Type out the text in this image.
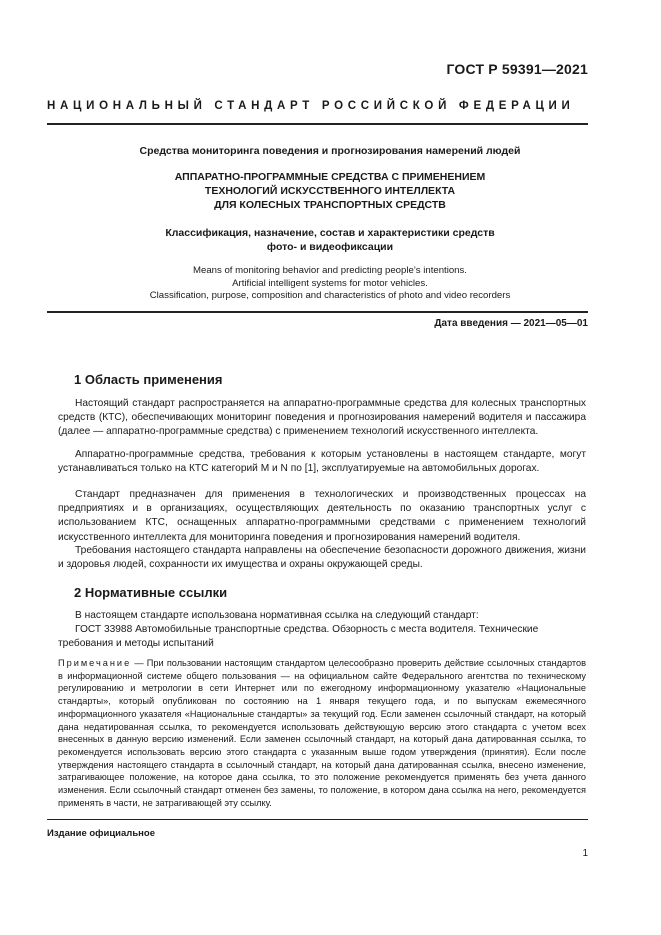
ГОСТ Р 59391—2021
НАЦИОНАЛЬНЫЙ СТАНДАРТ РОССИЙСКОЙ ФЕДЕРАЦИИ
Средства мониторинга поведения и прогнозирования намерений людей
АППАРАТНО-ПРОГРАММНЫЕ СРЕДСТВА С ПРИМЕНЕНИЕМ
ТЕХНОЛОГИЙ ИСКУССТВЕННОГО ИНТЕЛЛЕКТА
ДЛЯ КОЛЕСНЫХ ТРАНСПОРТНЫХ СРЕДСТВ
Классификация, назначение, состав и характеристики средств
фото- и видеофиксации
Means of monitoring behavior and predicting people’s intentions.
Artificial intelligent systems for motor vehicles.
Classification, purpose, composition and characteristics of photo and video recorders
Дата введения — 2021—05—01
1 Область применения
Настоящий стандарт распространяется на аппаратно-программные средства для колесных транспортных средств (КТС), обеспечивающих мониторинг поведения и прогнозирования намерений водителя и пассажира (далее — аппаратно-программные средства) с применением технологий искусственного интеллекта.
Аппаратно-программные средства, требования к которым установлены в настоящем стандарте, могут устанавливаться только на КТС категорий M и N по [1], эксплуатируемые на автомобильных дорогах.
Стандарт предназначен для применения в технологических и производственных процессах на предприятиях и в организациях, осуществляющих деятельность по оказанию транспортных услуг с использованием КТС, оснащенных аппаратно-программными средствами с применением технологий искусственного интеллекта для мониторинга поведения и прогнозирования намерений водителя.
Требования настоящего стандарта направлены на обеспечение безопасности дорожного движения, жизни и здоровья людей, сохранности их имущества и охраны окружающей среды.
2 Нормативные ссылки
В настоящем стандарте использована нормативная ссылка на следующий стандарт:
ГОСТ 33988 Автомобильные транспортные средства. Обзорность с места водителя. Технические требования и методы испытаний
Примечание — При пользовании настоящим стандартом целесообразно проверить действие ссылочных стандартов в информационной системе общего пользования — на официальном сайте Федерального агентства по техническому регулированию и метрологии в сети Интернет или по ежегодному информационному указателю «Национальные стандарты», который опубликован по состоянию на 1 января текущего года, и по выпускам ежемесячного информационного указателя «Национальные стандарты» за текущий год. Если заменен ссылочный стандарт, на который дана недатированная ссылка, то рекомендуется использовать действующую версию этого стандарта с учетом всех внесенных в данную версию изменений. Если заменен ссылочный стандарт, на который дана датированная ссылка, то рекомендуется использовать версию этого стандарта с указанным выше годом утверждения (принятия). Если после утверждения настоящего стандарта в ссылочный стандарт, на который дана датированная ссылка, внесено изменение, затрагивающее положение, на которое дана ссылка, то это положение рекомендуется применять без учета данного изменения. Если ссылочный стандарт отменен без замены, то положение, в котором дана ссылка на него, рекомендуется применять в части, не затрагивающей эту ссылку.
Издание официальное
1
